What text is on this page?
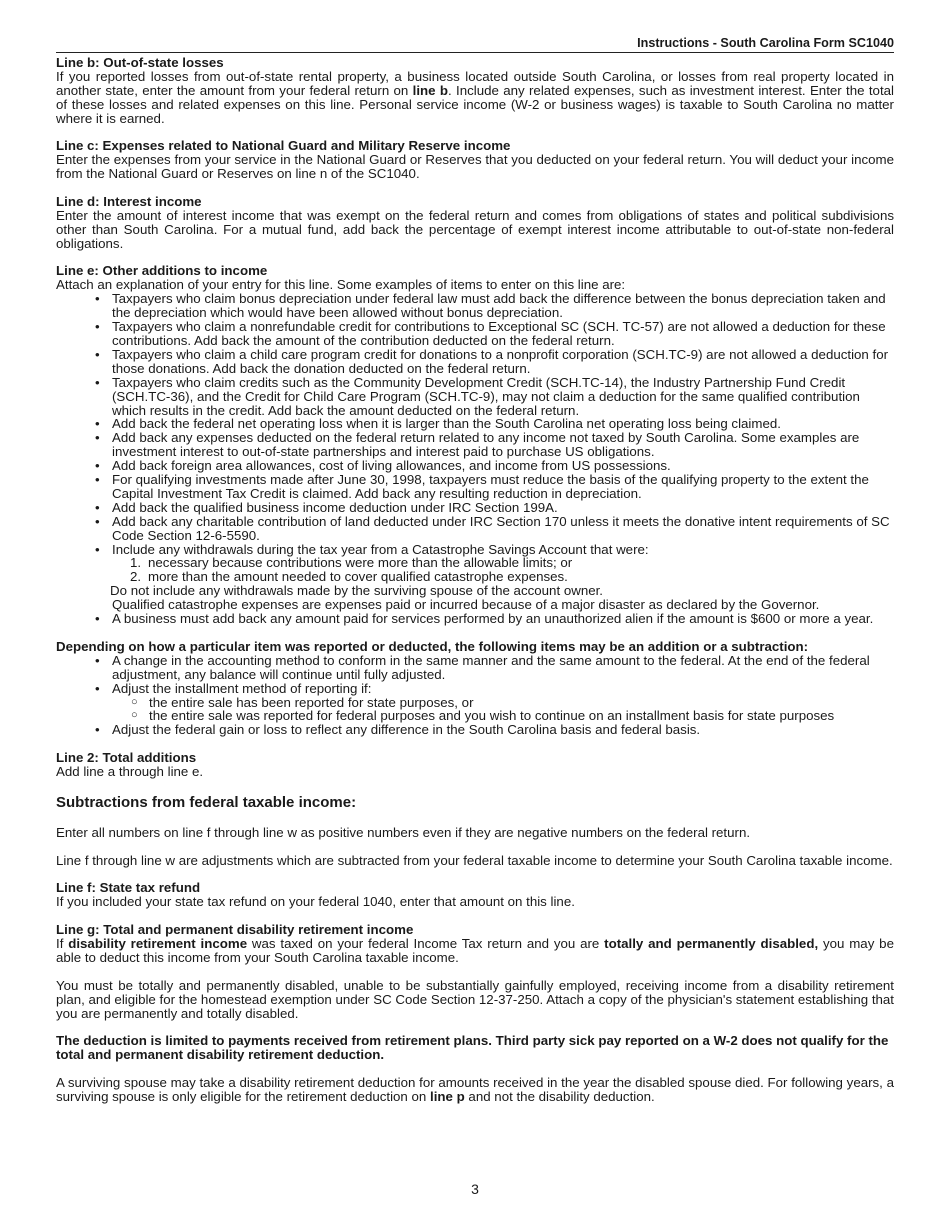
Instructions - South Carolina Form SC1040
Line b: Out-of-state losses

If you reported losses from out-of-state rental property, a business located outside South Carolina, or losses from real property located in another state, enter the amount from your federal return on line b. Include any related expenses, such as investment interest. Enter the total of these losses and related expenses on this line. Personal service income (W-2 or business wages) is taxable to South Carolina no matter where it is earned.

Line c: Expenses related to National Guard and Military Reserve income

Enter the expenses from your service in the National Guard or Reserves that you deducted on your federal return. You will deduct your income from the National Guard or Reserves on line n of the SC1040.

Line d: Interest income

Enter the amount of interest income that was exempt on the federal return and comes from obligations of states and political subdivisions other than South Carolina. For a mutual fund, add back the percentage of exempt interest income attributable to out-of-state non-federal obligations.

Line e: Other additions to income

Attach an explanation of your entry for this line. Some examples of items to enter on this line are:

• Taxpayers who claim bonus depreciation under federal law must add back the difference between the bonus depreciation taken and the depreciation which would have been allowed without bonus depreciation.
• Taxpayers who claim a nonrefundable credit for contributions to Exceptional SC (SCH. TC-57) are not allowed a deduction for these contributions. Add back the amount of the contribution deducted on the federal return.
• Taxpayers who claim a child care program credit for donations to a nonprofit corporation (SCH.TC-9) are not allowed a deduction for those donations. Add back the donation deducted on the federal return.
• Taxpayers who claim credits such as the Community Development Credit (SCH.TC-14), the Industry Partnership Fund Credit (SCH.TC-36), and the Credit for Child Care Program (SCH.TC-9), may not claim a deduction for the same qualified contribution which results in the credit. Add back the amount deducted on the federal return.
• Add back the federal net operating loss when it is larger than the South Carolina net operating loss being claimed.
• Add back any expenses deducted on the federal return related to any income not taxed by South Carolina. Some examples are investment interest to out-of-state partnerships and interest paid to purchase US obligations.
• Add back foreign area allowances, cost of living allowances, and income from US possessions.
• For qualifying investments made after June 30, 1998, taxpayers must reduce the basis of the qualifying property to the extent the Capital Investment Tax Credit is claimed. Add back any resulting reduction in depreciation.
• Add back the qualified business income deduction under IRC Section 199A.
• Add back any charitable contribution of land deducted under IRC Section 170 unless it meets the donative intent requirements of SC Code Section 12-6-5590.
• Include any withdrawals during the tax year from a Catastrophe Savings Account that were:
1. necessary because contributions were more than the allowable limits; or
2. more than the amount needed to cover qualified catastrophe expenses.
Do not include any withdrawals made by the surviving spouse of the account owner.
Qualified catastrophe expenses are expenses paid or incurred because of a major disaster as declared by the Governor.
• A business must add back any amount paid for services performed by an unauthorized alien if the amount is $600 or more a year.
Depending on how a particular item was reported or deducted, the following items may be an addition or a subtraction:
• A change in the accounting method to conform in the same manner and the same amount to the federal. At the end of the federal adjustment, any balance will continue until fully adjusted.
• Adjust the installment method of reporting if:
○ the entire sale has been reported for state purposes, or
○ the entire sale was reported for federal purposes and you wish to continue on an installment basis for state purposes
• Adjust the federal gain or loss to reflect any difference in the South Carolina basis and federal basis.
Line 2: Total additions

Add line a through line e.

Subtractions from federal taxable income:

Enter all numbers on line f through line w as positive numbers even if they are negative numbers on the federal return.

Line f through line w are adjustments which are subtracted from your federal taxable income to determine your South Carolina taxable income.

Line f: State tax refund

If you included your state tax refund on your federal 1040, enter that amount on this line.

Line g: Total and permanent disability retirement income

If disability retirement income was taxed on your federal Income Tax return and you are totally and permanently disabled, you may be able to deduct this income from your South Carolina taxable income.

You must be totally and permanently disabled, unable to be substantially gainfully employed, receiving income from a disability retirement plan, and eligible for the homestead exemption under SC Code Section 12-37-250. Attach a copy of the physician's statement establishing that you are permanently and totally disabled.

The deduction is limited to payments received from retirement plans. Third party sick pay reported on a W-2 does not qualify for the total and permanent disability retirement deduction.

A surviving spouse may take a disability retirement deduction for amounts received in the year the disabled spouse died. For following years, a surviving spouse is only eligible for the retirement deduction on line p and not the disability deduction.

3
